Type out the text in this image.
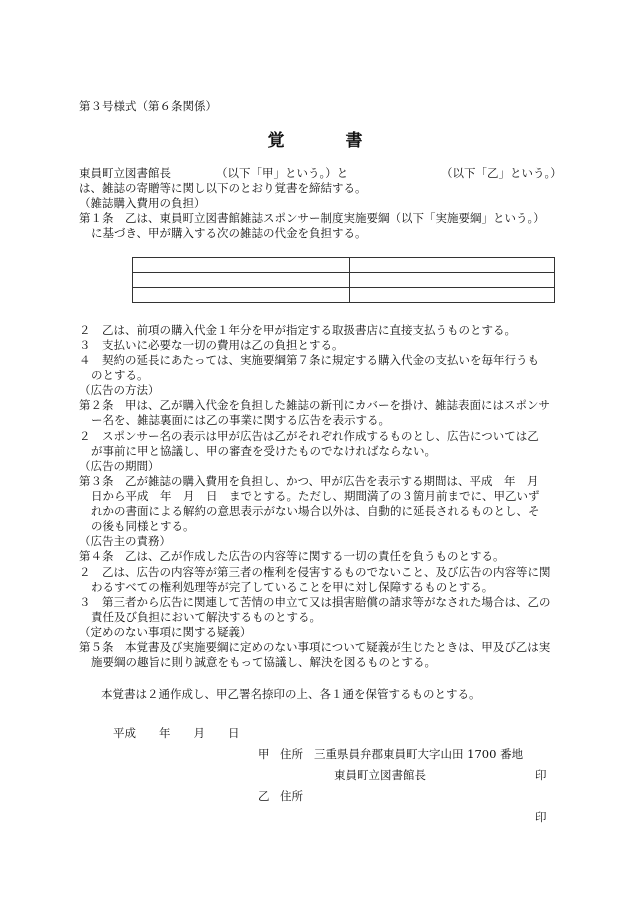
第３号様式（第６条関係）
覚　書
東員町立図書館長	（以下「甲」という。）と	（以下「乙」という。）
は、雑誌の寄贈等に関し以下のとおり覚書を締結する。
（雑誌購入費用の負担）
第１条　乙は、東員町立図書館雑誌スポンサー制度実施要綱（以下「実施要綱」という。）
に基づき、甲が購入する次の雑誌の代金を負担する。

２　乙は、前項の購入代金１年分を甲が指定する取扱書店に直接支払うものとする。
３　支払いに必要な一切の費用は乙の負担とする。
４　契約の延長にあたっては、実施要綱第７条に規定する購入代金の支払いを毎年行うも
のとする。
（広告の方法）
第２条　甲は、乙が購入代金を負担した雑誌の新刊にカバーを掛け、雑誌表面にはスポンサ
ー名を、雑誌裏面には乙の事業に関する広告を表示する。
２　スポンサー名の表示は甲が広告は乙がそれぞれ作成するものとし、広告については乙
が事前に甲と協議し、甲の審査を受けたものでなければならない。
（広告の期間）
第３条　乙が雑誌の購入費用を負担し、かつ、甲が広告を表示する期間は、平成　年　月
日から平成　年　月　日　までとする。ただし、期間満了の３箇月前までに、甲乙いず
れかの書面による解約の意思表示がない場合以外は、自動的に延長されるものとし、そ
の後も同様とする。
（広告主の責務）
第４条　乙は、乙が作成した広告の内容等に関する一切の責任を負うものとする。
２　乙は、広告の内容等が第三者の権利を侵害するものでないこと、及び広告の内容等に関
わるすべての権利処理等が完了していることを甲に対し保障するものとする。
３　第三者から広告に関連して苦情の申立て又は損害賠償の請求等がなされた場合は、乙の
責任及び負担において解決するものとする。
（定めのない事項に関する疑義）
第５条　本覚書及び実施要綱に定めのない事項について疑義が生じたときは、甲及び乙は実
施要綱の趣旨に則り誠意をもって協議し、解決を図るものとする。
本覚書は２通作成し、甲乙署名捺印の上、各１通を保管するものとする。
平成　　年　　月　　日
甲 住所 三重県員弁郡東員町大字山田 1700 番地
東員町立図書館長	印
乙 住所
印
